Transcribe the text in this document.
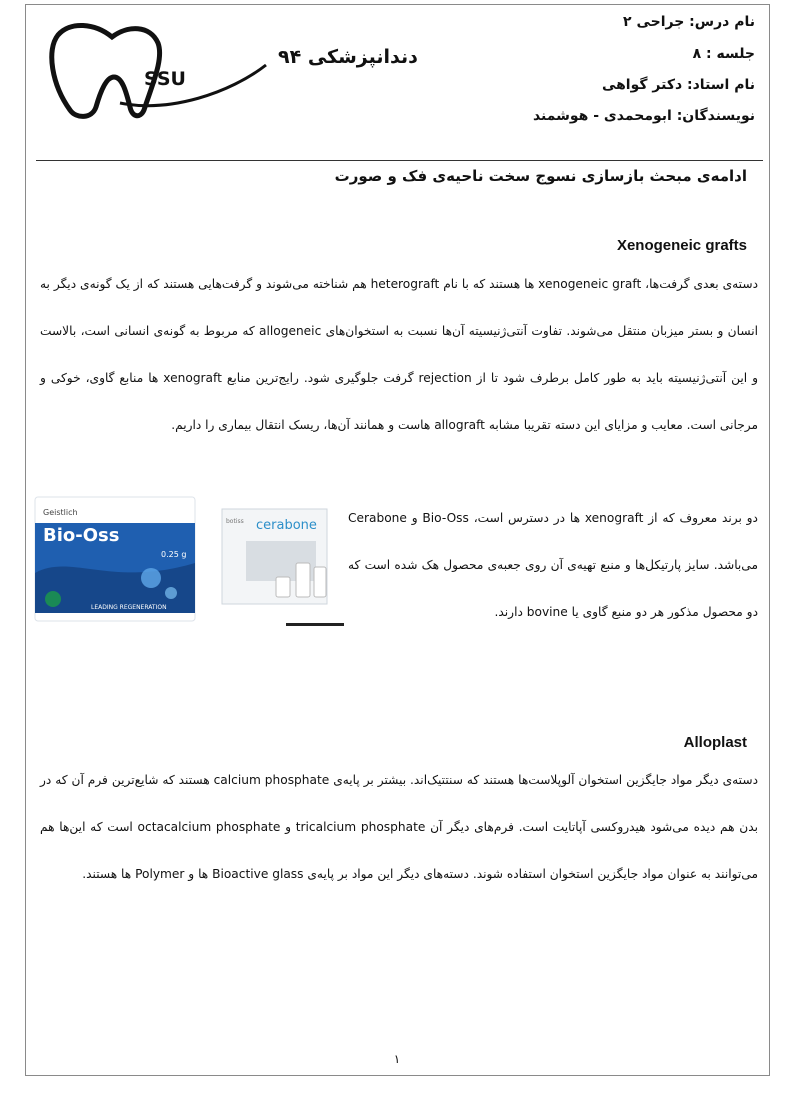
SSU
دندانپزشکی ۹۴
نام درس: جراحی ۲
جلسه : ۸
نام استاد: دکتر گواهی
نویسندگان: ابومحمدی - هوشمند
ادامه‌ی مبحث بازسازی نسوج سخت ناحیه‌ی فک و صورت
Xenogeneic grafts

دسته‌ی بعدی گرفت‌ها، xenogeneic graft ها هستند که با نام heterograft هم شناخته می‌شوند و گرفت‌هایی هستند که از یک گونه‌ی دیگر به انسان و بستر میزبان منتقل می‌شوند. تفاوت آنتی‌ژنیسیته آن‌ها نسبت به استخوان‌های allogeneic که مربوط به گونه‌ی انسانی است، بالاست و این آنتی‌ژنیسیته باید به طور کامل برطرف شود تا از rejection گرفت جلوگیری شود. رایج‌ترین منابع xenograft ها منابع گاوی، خوکی و مرجانی است. معایب و مزایای این دسته تقریبا مشابه allograft هاست و همانند آن‌ها، ریسک انتقال بیماری را داریم.

Geistlich
Bio-Oss
0.25 g
LEADING REGENERATION
cerabone
botiss	دو برند معروف که از xenograft ها در دسترس است، Bio-Oss و Cerabone می‌باشد. سایز پارتیکل‌ها و منبع تهیه‌ی آن روی جعبه‌ی محصول هک شده است که دو محصول مذکور هر دو منبع گاوی یا bovine دارند.

Alloplast

دسته‌ی دیگر مواد جایگزین استخوان آلوپلاست‌ها هستند که سنتتیک‌اند. بیشتر بر پایه‌ی calcium phosphate هستند که شایع‌ترین فرم آن که در بدن هم دیده می‌شود هیدروکسی آپاتایت است. فرم‌های دیگر آن tricalcium phosphate و octacalcium phosphate است که این‌ها هم می‌توانند به عنوان مواد جایگزین استخوان استفاده شوند. دسته‌های دیگر این مواد بر پایه‌ی Bioactive glass ها و Polymer ها هستند.

۱
